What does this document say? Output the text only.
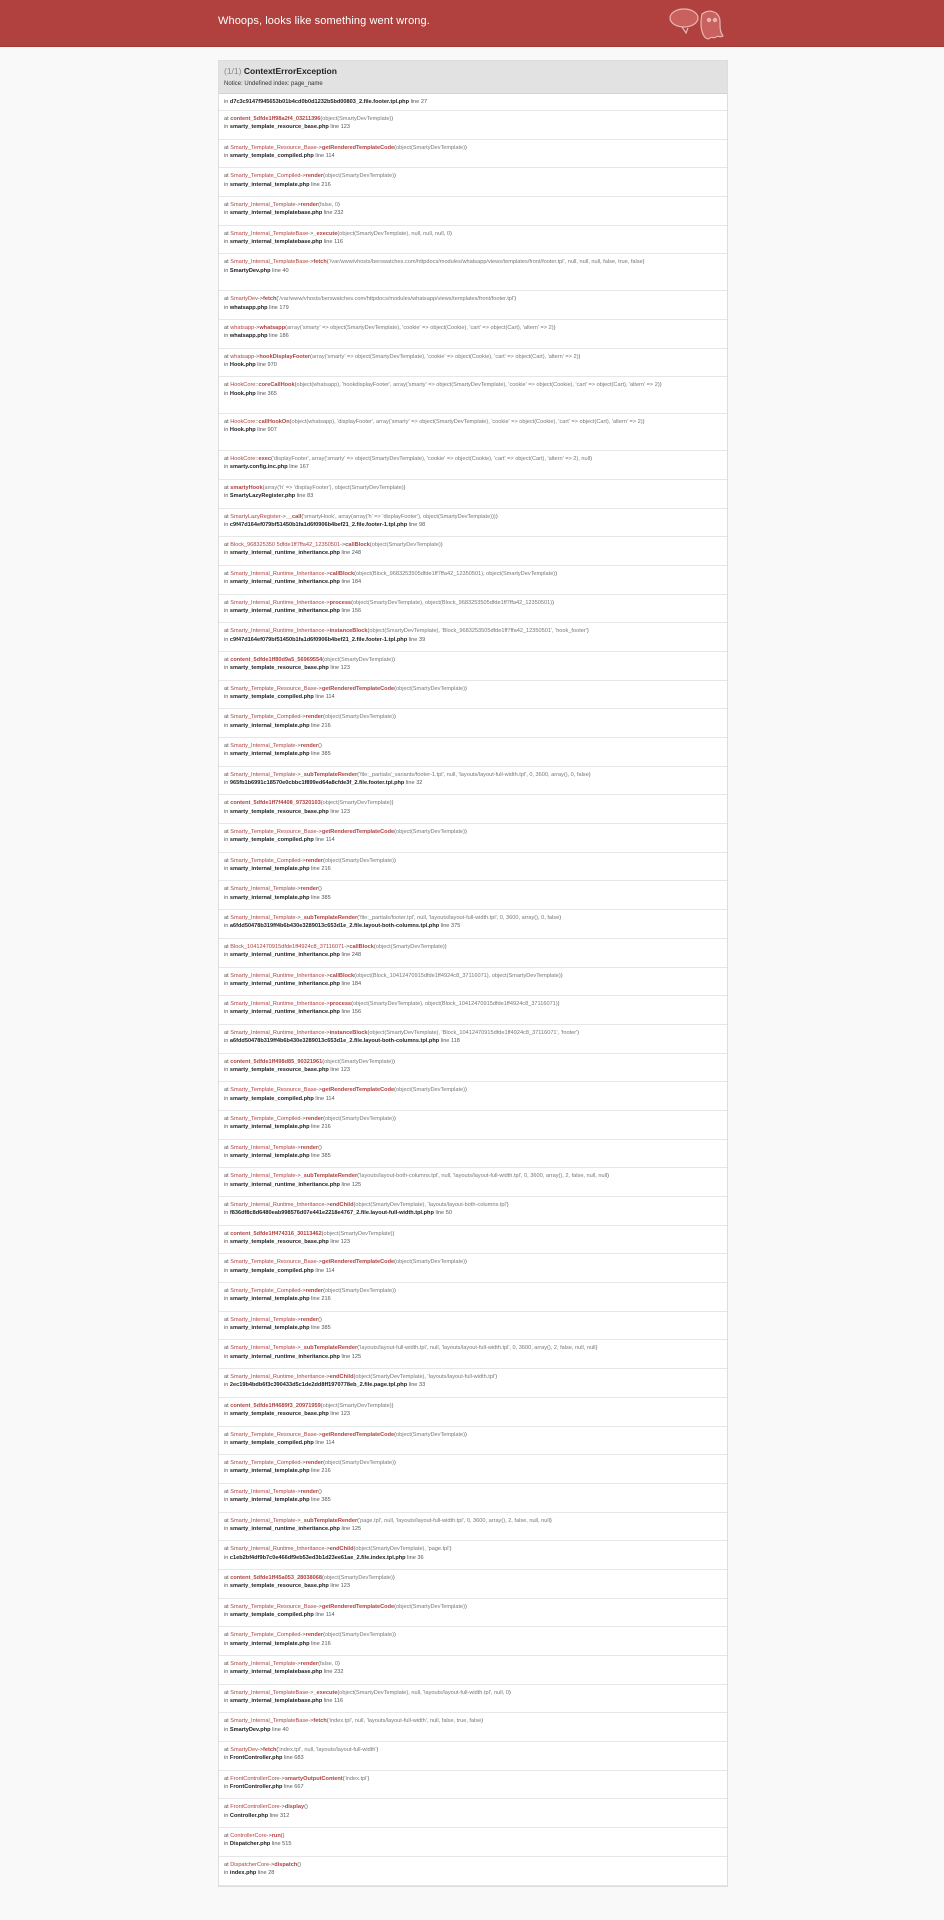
Whoops, looks like something went wrong.
(1/1) ContextErrorException
Notice: Undefined index: page_name
in d7c3c9147f945653b01b4cd0b0d1232b5bd00803_2.file.footer.tpl.php line 27
at content_5dfde1ff98a2f4_03211396(object(SmartyDevTemplate))
in smarty_template_resource_base.php line 123
at Smarty_Template_Resource_Base->getRenderedTemplateCode(object(SmartyDevTemplate))
in smarty_template_compiled.php line 114
at Smarty_Template_Compiled->render(object(SmartyDevTemplate))
in smarty_internal_template.php line 216
at Smarty_Internal_Template->render(false, 0)
in smarty_internal_templatebase.php line 232
at Smarty_Internal_TemplateBase->_execute(object(SmartyDevTemplate), null, null, null, 0)
in smarty_internal_templatebase.php line 116
at Smarty_Internal_TemplateBase->fetch('/var/www/vhosts/berswatches.com/httpdocs/modules/whatsapp/views/templates/front/footer.tpl', null, null, null, false, true, false)
in SmartyDev.php line 40
at SmartyDev->fetch('/var/www/vhosts/berswatches.com/httpdocs/modules/whatsapp/views/templates/front/footer.tpl')
in whatsapp.php line 179
at whatsapp->whatsapp(array('smarty' => object(SmartyDevTemplate), 'cookie' => object(Cookie), 'cart' => object(Cart), 'altern' => 2))
in whatsapp.php line 186
at whatsapp->hookDisplayFooter(array('smarty' => object(SmartyDevTemplate), 'cookie' => object(Cookie), 'cart' => object(Cart), 'altern' => 2))
in Hook.php line 970
at HookCore::coreCallHook(object(whatsapp), 'hookdisplayFooter', array('smarty' => object(SmartyDevTemplate), 'cookie' => object(Cookie), 'cart' => object(Cart), 'altern' => 2))
in Hook.php line 365
at HookCore::callHookOn(object(whatsapp), 'displayFooter', array('smarty' => object(SmartyDevTemplate), 'cookie' => object(Cookie), 'cart' => object(Cart), 'altern' => 2))
in Hook.php line 907
at HookCore::exec('displayFooter', array('smarty' => object(SmartyDevTemplate), 'cookie' => object(Cookie), 'cart' => object(Cart), 'altern' => 2), null)
in smarty.config.inc.php line 167
at smartyHook(array('h' => 'displayFooter'), object(SmartyDevTemplate))
in SmartyLazyRegister.php line 83
at SmartyLazyRegister->__call('smartyHook', array(array('h' => 'displayFooter'), object(SmartyDevTemplate))))
in c9f47d164ef079bf51450b1fa1d6f0906b4bef21_2.file.footer-1.tpl.php line 98
at Block_968325350 5dfde1ff7ffa42_12350501->callBlock(object(SmartyDevTemplate))
in smarty_internal_runtime_inheritance.php line 248
at Smarty_Internal_Runtime_Inheritance->callBlock(object(Block_9683253505dfde1ff7ffa42_12350501), object(SmartyDevTemplate))
in smarty_internal_runtime_inheritance.php line 184
at Smarty_Internal_Runtime_Inheritance->process(object(SmartyDevTemplate), object(Block_9683253505dfde1ff7ffa42_12350501))
in smarty_internal_runtime_inheritance.php line 156
at Smarty_Internal_Runtime_Inheritance->instanceBlock(object(SmartyDevTemplate), 'Block_9683253505dfde1ff7ffa42_12350501', 'hook_footer')
in c9f47d164ef079bf51450b1fa1d6f0906b4bef21_2.file.footer-1.tpl.php line 39
at content_5dfde1ff80d9a5_56969554(object(SmartyDevTemplate))
in smarty_template_resource_base.php line 123
at Smarty_Template_Resource_Base->getRenderedTemplateCode(object(SmartyDevTemplate))
in smarty_template_compiled.php line 114
at Smarty_Template_Compiled->render(object(SmartyDevTemplate))
in smarty_internal_template.php line 216
at Smarty_Internal_Template->render()
in smarty_internal_template.php line 385
at Smarty_Internal_Template->_subTemplateRender('file:_partials/_variants/footer-1.tpl', null, 'layouts/layout-full-width.tpl', 0, 3600, array(), 0, false)
in 965fb1b6991c18570e0cbbc1f899ed64a8cfde3f_2.file.footer.tpl.php line 32
at content_5dfde1ff7f4408_97320103(object(SmartyDevTemplate))
in smarty_template_resource_base.php line 123
at Smarty_Template_Resource_Base->getRenderedTemplateCode(object(SmartyDevTemplate))
in smarty_template_compiled.php line 114
at Smarty_Template_Compiled->render(object(SmartyDevTemplate))
in smarty_internal_template.php line 216
at Smarty_Internal_Template->render()
in smarty_internal_template.php line 385
at Smarty_Internal_Template->_subTemplateRender('file:_partials/footer.tpl', null, 'layouts/layout-full-width.tpl', 0, 3600, array(), 0, false)
in a6fdd50478b319ff4b6b430e3289013c653d1e_2.file.layout-both-columns.tpl.php line 375
at Block_10412470915dfde1ff4924c8_37116071->callBlock(object(SmartyDevTemplate))
in smarty_internal_runtime_inheritance.php line 248
at Smarty_Internal_Runtime_Inheritance->callBlock(object(Block_10412470915dfde1ff4924c8_37116071), object(SmartyDevTemplate))
in smarty_internal_runtime_inheritance.php line 184
at Smarty_Internal_Runtime_Inheritance->process(object(SmartyDevTemplate), object(Block_10412470915dfde1ff4924c8_37116071))
in smarty_internal_runtime_inheritance.php line 156
at Smarty_Internal_Runtime_Inheritance->instanceBlock(object(SmartyDevTemplate), 'Block_10412470915dfde1ff4924c8_37116071', 'footer')
in a6fdd50478b319ff4b6b430e3289013c653d1e_2.file.layout-both-columns.tpl.php line 118
at content_5dfde1ff498d85_90321961(object(SmartyDevTemplate))
in smarty_template_resource_base.php line 123
at Smarty_Template_Resource_Base->getRenderedTemplateCode(object(SmartyDevTemplate))
in smarty_template_compiled.php line 114
at Smarty_Template_Compiled->render(object(SmartyDevTemplate))
in smarty_internal_template.php line 216
at Smarty_Internal_Template->render()
in smarty_internal_template.php line 385
at Smarty_Internal_Template->_subTemplateRender('layouts/layout-both-columns.tpl', null, 'layouts/layout-full-width.tpl', 0, 3600, array(), 2, false, null, null)
in smarty_internal_runtime_inheritance.php line 125
at Smarty_Internal_Runtime_Inheritance->endChild(object(SmartyDevTemplate), 'layouts/layout-both-columns.tpl')
in f836df8c8d6480eab998576d07e441e2218e4767_2.file.layout-full-width.tpl.php line 50
at content_5dfde1ff474316_30113462(object(SmartyDevTemplate))
in smarty_template_resource_base.php line 123
at Smarty_Template_Resource_Base->getRenderedTemplateCode(object(SmartyDevTemplate))
in smarty_template_compiled.php line 114
at Smarty_Template_Compiled->render(object(SmartyDevTemplate))
in smarty_internal_template.php line 216
at Smarty_Internal_Template->render()
in smarty_internal_template.php line 385
at Smarty_Internal_Template->_subTemplateRender('layouts/layout-full-width.tpl', null, 'layouts/layout-full-width.tpl', 0, 3600, array(), 2, false, null, null)
in smarty_internal_runtime_inheritance.php line 125
at Smarty_Internal_Runtime_Inheritance->endChild(object(SmartyDevTemplate), 'layouts/layout-full-width.tpl')
in 2ec19b4bdb6f3c390433d5c1de2dd8ff1970778eb_2.file.page.tpl.php line 33
at content_5dfde1ff4689f3_20971959(object(SmartyDevTemplate))
in smarty_template_resource_base.php line 123
at Smarty_Template_Resource_Base->getRenderedTemplateCode(object(SmartyDevTemplate))
in smarty_template_compiled.php line 114
at Smarty_Template_Compiled->render(object(SmartyDevTemplate))
in smarty_internal_template.php line 216
at Smarty_Internal_Template->render()
in smarty_internal_template.php line 385
at Smarty_Internal_Template->_subTemplateRender('page.tpl', null, 'layouts/layout-full-width.tpl', 0, 3600, array(), 2, false, null, null)
in smarty_internal_runtime_inheritance.php line 125
at Smarty_Internal_Runtime_Inheritance->endChild(object(SmartyDevTemplate), 'page.tpl')
in c1eb2bf4df9b7c0e466df9eb53ed3b1d23ee61ae_2.file.index.tpl.php line 36
at content_5dfde1ff45a053_28038068(object(SmartyDevTemplate))
in smarty_template_resource_base.php line 123
at Smarty_Template_Resource_Base->getRenderedTemplateCode(object(SmartyDevTemplate))
in smarty_template_compiled.php line 114
at Smarty_Template_Compiled->render(object(SmartyDevTemplate))
in smarty_internal_template.php line 216
at Smarty_Internal_Template->render(false, 0)
in smarty_internal_templatebase.php line 232
at Smarty_Internal_TemplateBase->_execute(object(SmartyDevTemplate), null, 'layouts/layout-full-width.tpl', null, 0)
in smarty_internal_templatebase.php line 116
at Smarty_Internal_TemplateBase->fetch('index.tpl', null, 'layouts/layout-full-width', null, false, true, false)
in SmartyDev.php line 40
at SmartyDev->fetch('index.tpl', null, 'layouts/layout-full-width')
in FrontController.php line 683
at FrontControllerCore->smartyOutputContent('index.tpl')
in FrontController.php line 667
at FrontControllerCore->display()
in Controller.php line 312
at ControllerCore->run()
in Dispatcher.php line 515
at DispatcherCore->dispatch()
in index.php line 28
